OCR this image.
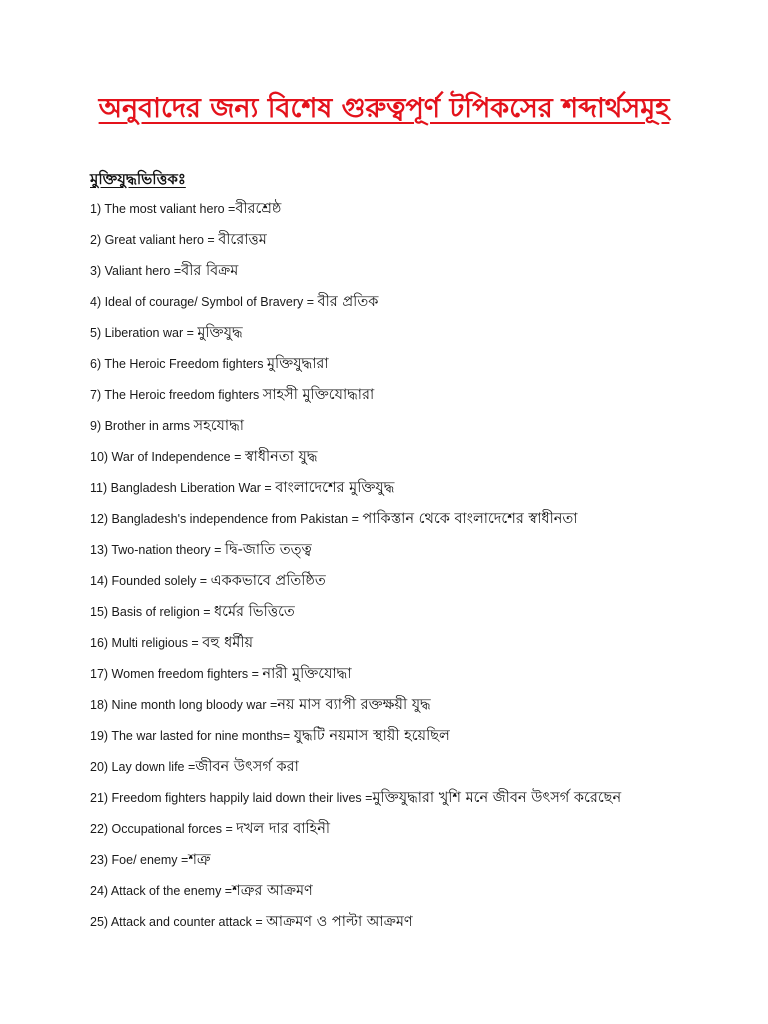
অনুবাদের জন্য বিশেষ গুরুত্বপূর্ণ টপিকসের শব্দার্থসমূহ
মুক্তিযুদ্ধভিত্তিকঃ
1) The most valiant hero =বীরশ্রেষ্ঠ
2) Great valiant hero = বীরোত্তম
3) Valiant hero =বীর বিক্রম
4) Ideal of courage/ Symbol of Bravery = বীর প্রতিক
5) Liberation war = মুক্তিযুদ্ধ
6) The Heroic Freedom fighters মুক্তিযুদ্ধারা
7) The Heroic freedom fighters সাহসী মুক্তিযোদ্ধারা
9) Brother in arms সহযোদ্ধা
10) War of Independence = স্বাধীনতা যুদ্ধ
11) Bangladesh Liberation War = বাংলাদেশের মুক্তিযুদ্ধ
12) Bangladesh's independence from Pakistan = পাকিস্তান থেকে বাংলাদেশের স্বাধীনতা
13) Two-nation theory = দ্বি-জাতি তত্ত্ব
14) Founded solely = এককভাবে প্রতিষ্ঠিত
15) Basis of religion = ধর্মের ভিত্তিতে
16) Multi religious = বহু ধর্মীয়
17) Women freedom fighters = নারী মুক্তিযোদ্ধা
18) Nine month long bloody war =নয় মাস ব্যাপী রক্তক্ষয়ী যুদ্ধ
19) The war lasted for nine months= যুদ্ধটি নয়মাস স্থায়ী হয়েছিল
20) Lay down life =জীবন উৎসর্গ করা
21) Freedom fighters happily laid down their lives =মুক্তিযুদ্ধারা খুশি মনে জীবন উৎসর্গ করেছেন
22) Occupational forces = দখল দার বাহিনী
23) Foe/ enemy =শত্রু
24) Attack of the enemy =শত্রুর আক্রমণ
25) Attack and counter attack = আক্রমণ ও পাল্টা আক্রমণ
